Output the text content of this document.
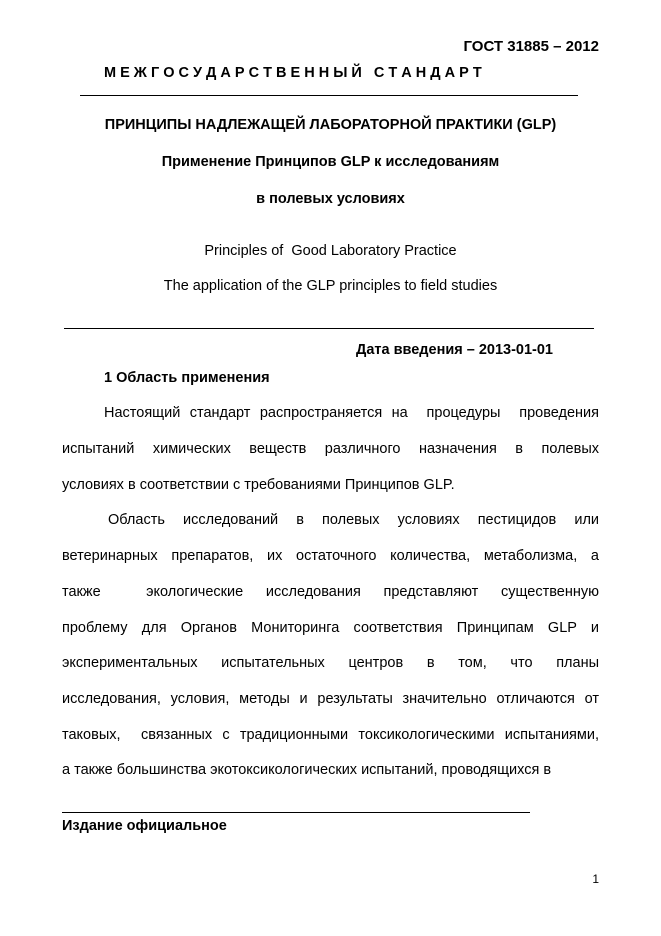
ГОСТ 31885 – 2012
М Е Ж Г О С У Д А Р С Т В Е Н Н Ы Й   С Т А Н Д А Р Т
ПРИНЦИПЫ НАДЛЕЖАЩЕЙ ЛАБОРАТОРНОЙ ПРАКТИКИ (GLP)
Применение Принципов GLP к исследованиям
в полевых условиях
Principles of  Good Laboratory Practice
The application of the GLP principles to field studies
Дата введения – 2013-01-01
1 Область применения
Настоящий стандарт распространяется на  процедуры  проведения
испытаний химических веществ различного назначения в полевых
условиях в соответствии с требованиями Принципов GLP.
Область исследований в полевых условиях пестицидов или
ветеринарных препаратов, их остаточного количества, метаболизма, а
также  экологические исследования представляют существенную
проблему для Органов Мониторинга соответствия Принципам GLP и
экспериментальных испытательных центров в том, что планы
исследования, условия, методы и результаты значительно отличаются от
таковых,  связанных с традиционными токсикологическими испытаниями,
а также большинства экотоксикологических испытаний, проводящихся в
Издание официальное
1
